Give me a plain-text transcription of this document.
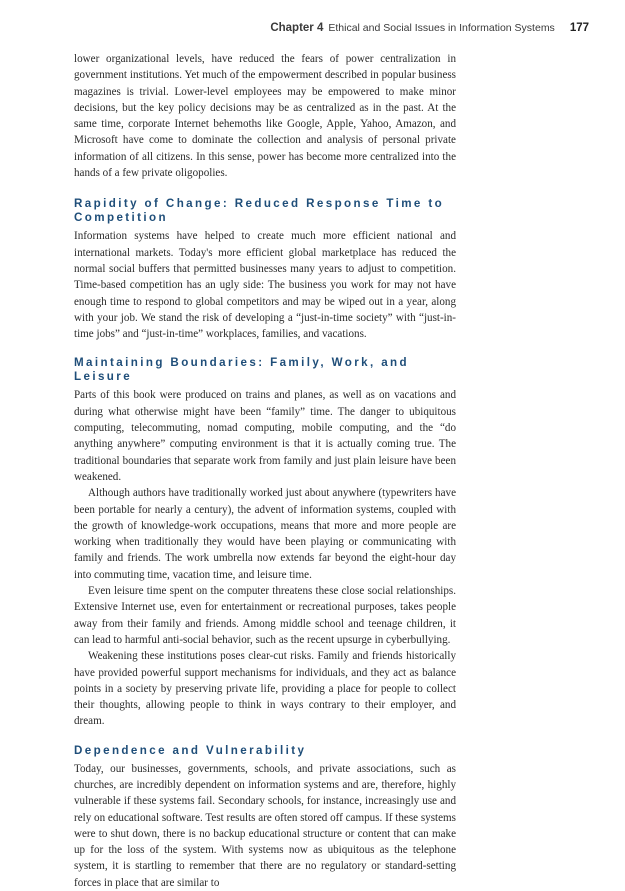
Chapter 4 Ethical and Social Issues in Information Systems 177

lower organizational levels, have reduced the fears of power centralization in government institutions. Yet much of the empowerment described in popular business magazines is trivial. Lower-level employees may be empowered to make minor decisions, but the key policy decisions may be as centralized as in the past. At the same time, corporate Internet behemoths like Google, Apple, Yahoo, Amazon, and Microsoft have come to dominate the collection and analysis of personal private information of all citizens. In this sense, power has become more centralized into the hands of a few private oligopolies.

Rapidity of Change: Reduced Response Time to Competition

Information systems have helped to create much more efficient national and international markets. Today's more efficient global marketplace has reduced the normal social buffers that permitted businesses many years to adjust to competition. Time-based competition has an ugly side: The business you work for may not have enough time to respond to global competitors and may be wiped out in a year, along with your job. We stand the risk of developing a “just-in-time society” with “just-in-time jobs” and “just-in-time” workplaces, families, and vacations.

Maintaining Boundaries: Family, Work, and Leisure

Parts of this book were produced on trains and planes, as well as on vacations and during what otherwise might have been “family” time. The danger to ubiquitous computing, telecommuting, nomad computing, mobile computing, and the “do anything anywhere” computing environment is that it is actually coming true. The traditional boundaries that separate work from family and just plain leisure have been weakened.

Although authors have traditionally worked just about anywhere (typewriters have been portable for nearly a century), the advent of information systems, coupled with the growth of knowledge-work occupations, means that more and more people are working when traditionally they would have been playing or communicating with family and friends. The work umbrella now extends far beyond the eight-hour day into commuting time, vacation time, and leisure time.

Even leisure time spent on the computer threatens these close social relationships. Extensive Internet use, even for entertainment or recreational purposes, takes people away from their family and friends. Among middle school and teenage children, it can lead to harmful anti-social behavior, such as the recent upsurge in cyberbullying.

Weakening these institutions poses clear-cut risks. Family and friends historically have provided powerful support mechanisms for individuals, and they act as balance points in a society by preserving private life, providing a place for people to collect their thoughts, allowing people to think in ways contrary to their employer, and dream.

Dependence and Vulnerability

Today, our businesses, governments, schools, and private associations, such as churches, are incredibly dependent on information systems and are, therefore, highly vulnerable if these systems fail. Secondary schools, for instance, increasingly use and rely on educational software. Test results are often stored off campus. If these systems were to shut down, there is no backup educational structure or content that can make up for the loss of the system. With systems now as ubiquitous as the telephone system, it is startling to remember that there are no regulatory or standard-setting forces in place that are similar to
